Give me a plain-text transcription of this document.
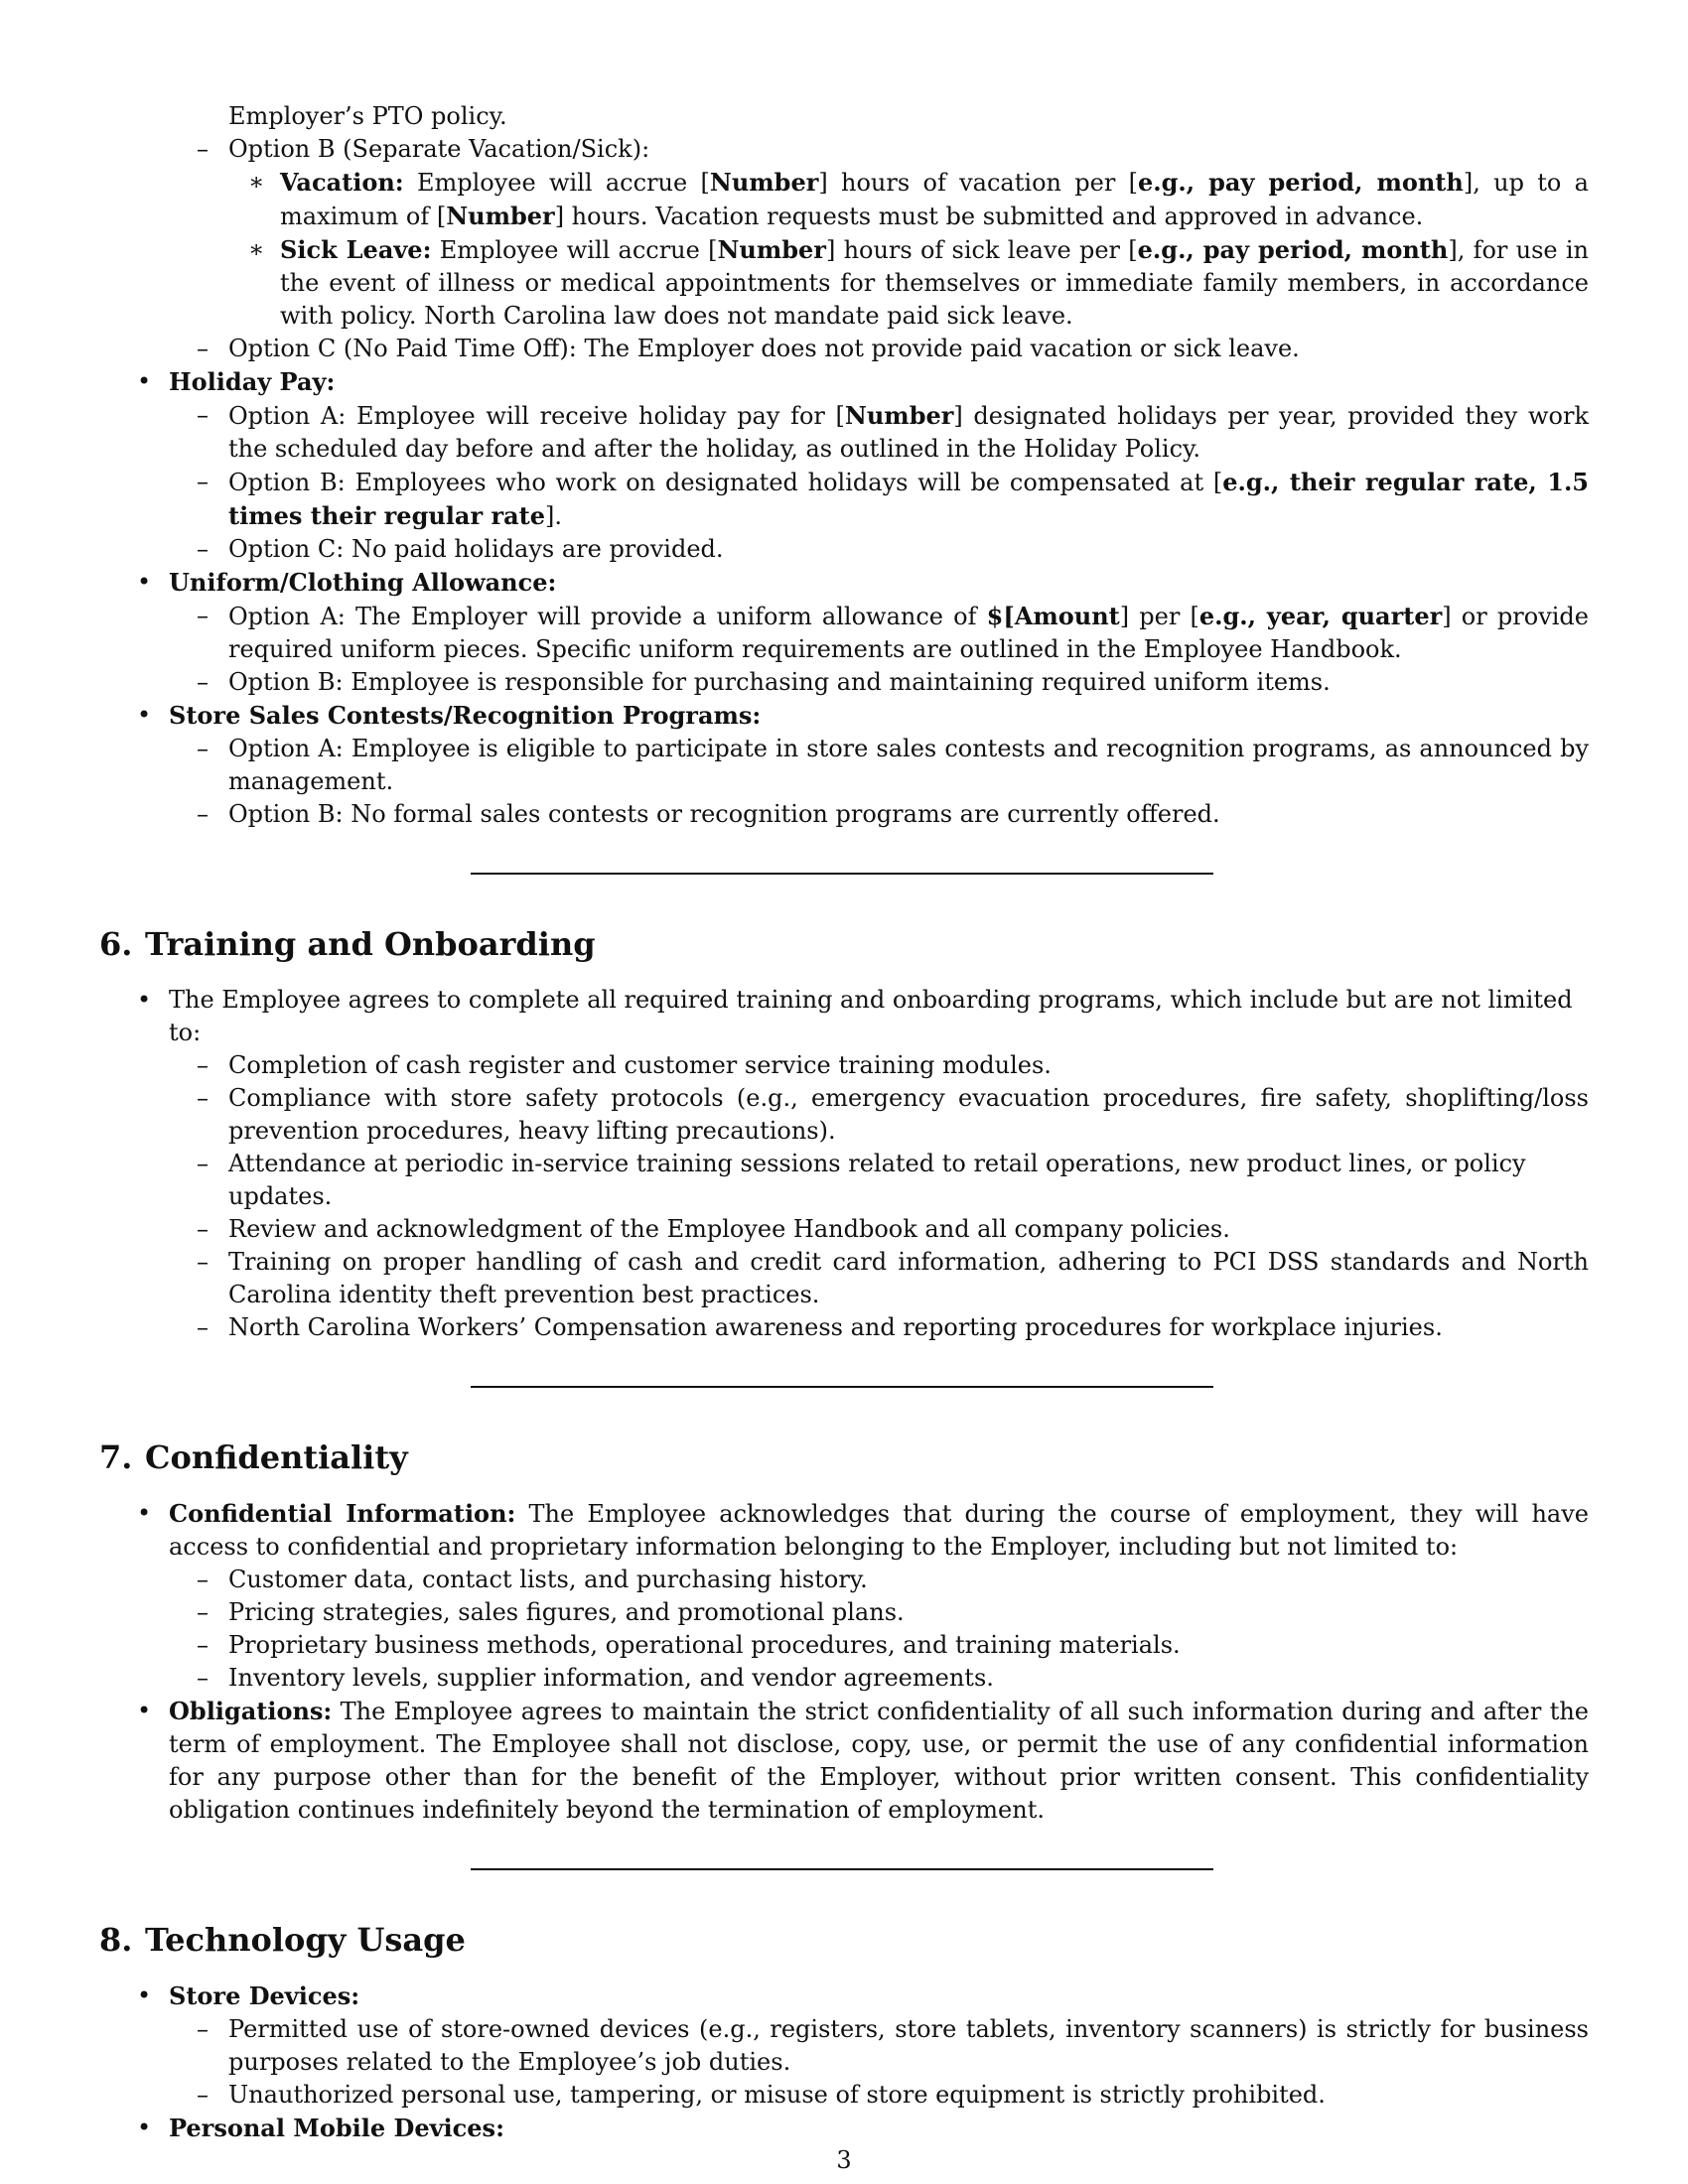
Employer’s PTO policy.
– Option B (Separate Vacation/Sick):
∗ Vacation: Employee will accrue [Number] hours of vacation per [e.g., pay period, month], up to a maximum of [Number] hours. Vacation requests must be submitted and approved in advance.
∗ Sick Leave: Employee will accrue [Number] hours of sick leave per [e.g., pay period, month], for use in the event of illness or medical appointments for themselves or immediate family members, in accordance with policy. North Carolina law does not mandate paid sick leave.
– Option C (No Paid Time Off): The Employer does not provide paid vacation or sick leave.
• Holiday Pay:
– Option A: Employee will receive holiday pay for [Number] designated holidays per year, provided they work the scheduled day before and after the holiday, as outlined in the Holiday Policy.
– Option B: Employees who work on designated holidays will be compensated at [e.g., their regular rate, 1.5 times their regular rate].
– Option C: No paid holidays are provided.
• Uniform/Clothing Allowance:
– Option A: The Employer will provide a uniform allowance of $[Amount] per [e.g., year, quarter] or provide required uniform pieces. Specific uniform requirements are outlined in the Employee Handbook.
– Option B: Employee is responsible for purchasing and maintaining required uniform items.
• Store Sales Contests/Recognition Programs:
– Option A: Employee is eligible to participate in store sales contests and recognition programs, as announced by management.
– Option B: No formal sales contests or recognition programs are currently offered.
6. Training and Onboarding
• The Employee agrees to complete all required training and onboarding programs, which include but are not limited to:
– Completion of cash register and customer service training modules.
– Compliance with store safety protocols (e.g., emergency evacuation procedures, fire safety, shoplifting/loss prevention procedures, heavy lifting precautions).
– Attendance at periodic in-service training sessions related to retail operations, new product lines, or policy updates.
– Review and acknowledgment of the Employee Handbook and all company policies.
– Training on proper handling of cash and credit card information, adhering to PCI DSS standards and North Carolina identity theft prevention best practices.
– North Carolina Workers’ Compensation awareness and reporting procedures for workplace injuries.
7. Confidentiality
• Confidential Information: The Employee acknowledges that during the course of employment, they will have access to confidential and proprietary information belonging to the Employer, including but not limited to:
– Customer data, contact lists, and purchasing history.
– Pricing strategies, sales figures, and promotional plans.
– Proprietary business methods, operational procedures, and training materials.
– Inventory levels, supplier information, and vendor agreements.
• Obligations: The Employee agrees to maintain the strict confidentiality of all such information during and after the term of employment. The Employee shall not disclose, copy, use, or permit the use of any confidential information for any purpose other than for the benefit of the Employer, without prior written consent. This confidentiality obligation continues indefinitely beyond the termination of employment.
8. Technology Usage
• Store Devices:
– Permitted use of store-owned devices (e.g., registers, store tablets, inventory scanners) is strictly for business purposes related to the Employee’s job duties.
– Unauthorized personal use, tampering, or misuse of store equipment is strictly prohibited.
• Personal Mobile Devices:
3
